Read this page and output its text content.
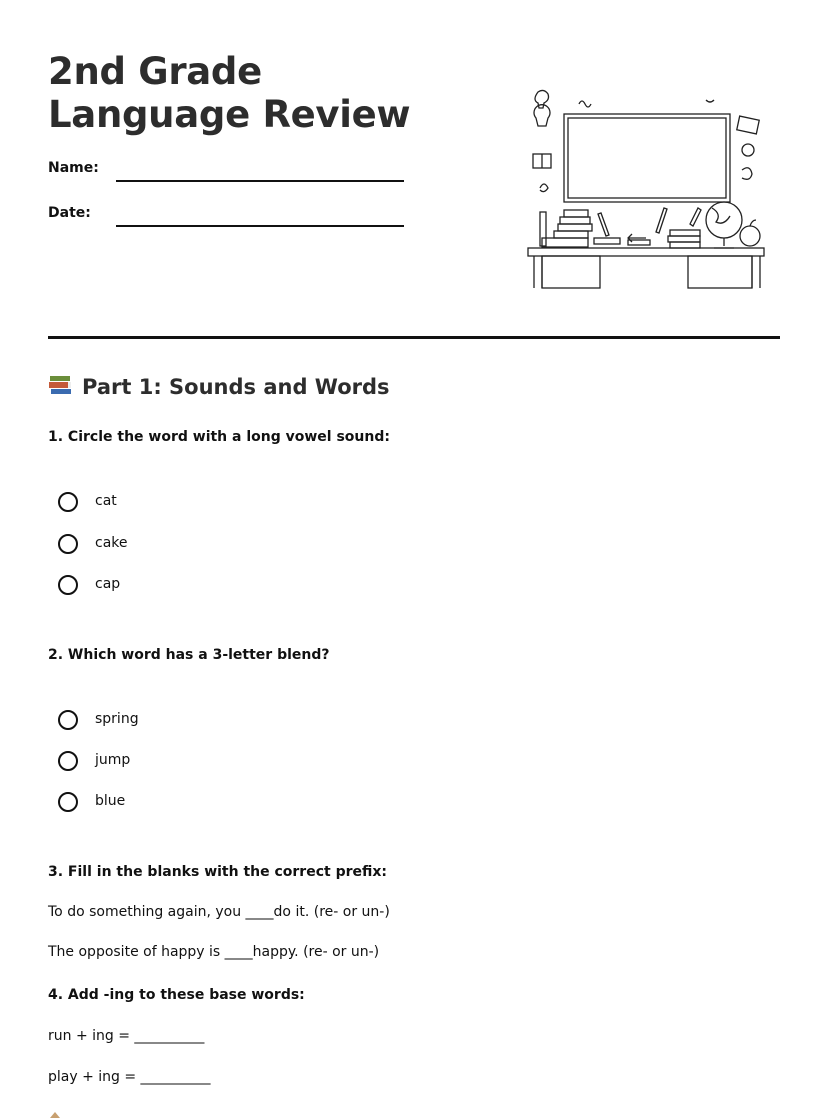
2nd Grade Language Review
Name:
Date:
Part 1: Sounds and Words

1. Circle the word with a long vowel sound:

cat
cake
cap

2. Which word has a 3-letter blend?

spring
jump
blue

3. Fill in the blanks with the correct prefix:

To do something again, you ____do it. (re- or un-)
The opposite of happy is ____happy. (re- or un-)

4. Add -ing to these base words:

run + ing = __________
play + ing = __________
